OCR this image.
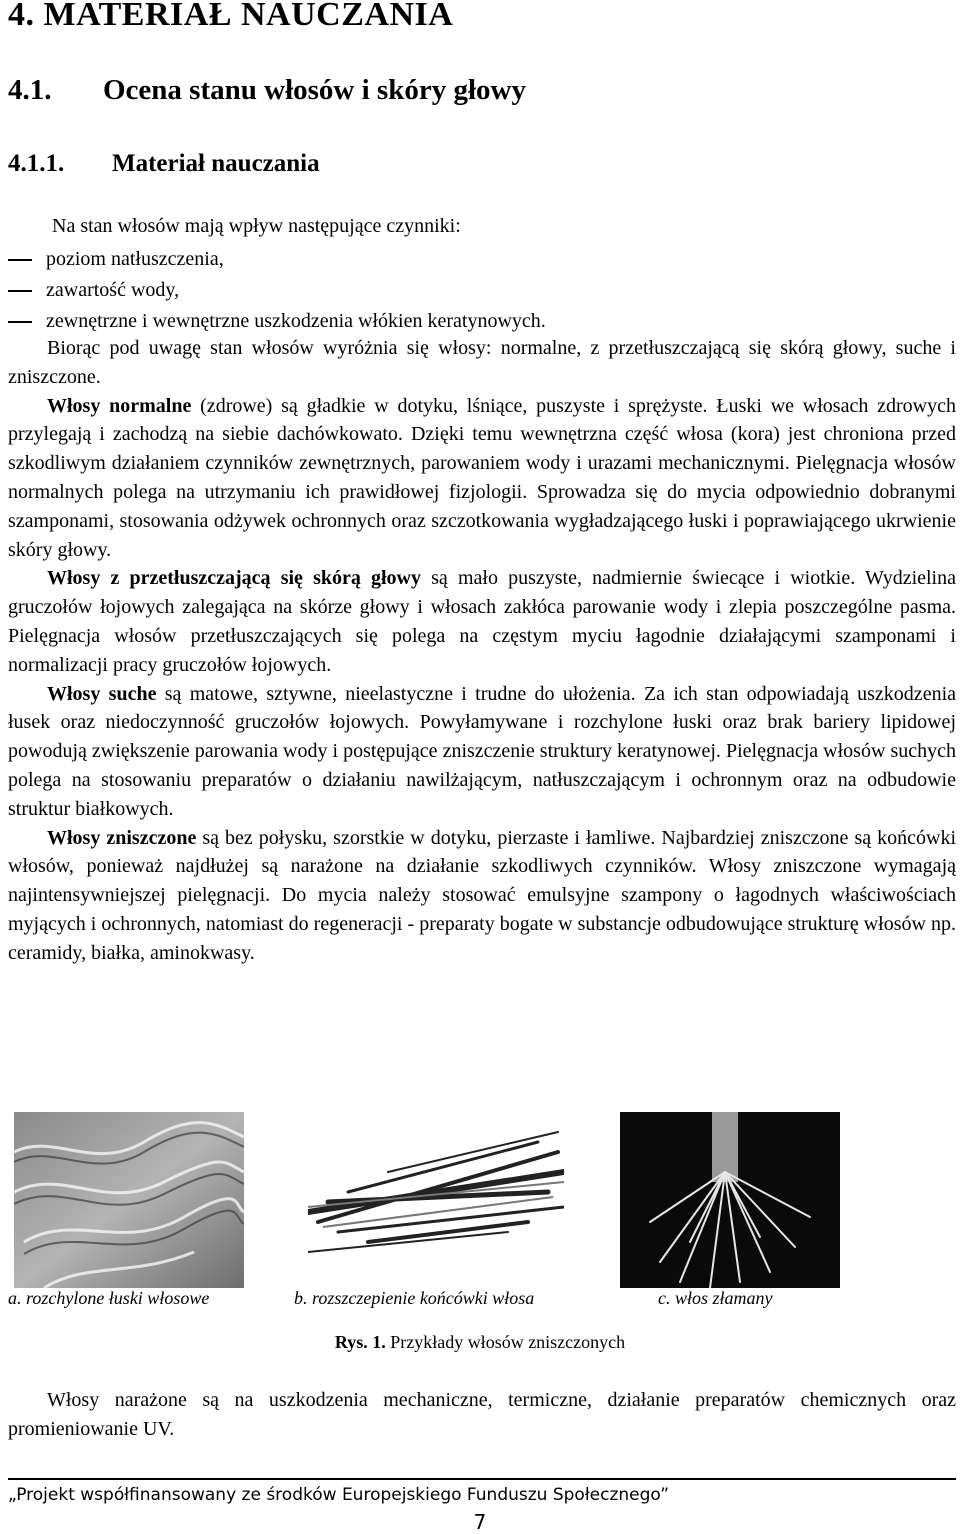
4. MATERIAŁ NAUCZANIA
4.1. Ocena stanu włosów i skóry głowy
4.1.1. Materiał nauczania
Na stan włosów mają wpływ następujące czynniki:
poziom natłuszczenia,
zawartość wody,
zewnętrzne i wewnętrzne uszkodzenia włókien keratynowych.

Biorąc pod uwagę stan włosów wyróżnia się włosy: normalne, z przetłuszczającą się skórą głowy, suche i zniszczone.

Włosy normalne (zdrowe) są gładkie w dotyku, lśniące, puszyste i sprężyste. Łuski we włosach zdrowych przylegają i zachodzą na siebie dachówkowato. Dzięki temu wewnętrzna część włosa (kora) jest chroniona przed szkodliwym działaniem czynników zewnętrznych, parowaniem wody i urazami mechanicznymi. Pielęgnacja włosów normalnych polega na utrzymaniu ich prawidłowej fizjologii. Sprowadza się do mycia odpowiednio dobranymi szamponami, stosowania odżywek ochronnych oraz szczotkowania wygładzającego łuski i poprawiającego ukrwienie skóry głowy.

Włosy z przetłuszczającą się skórą głowy są mało puszyste, nadmiernie świecące i wiotkie. Wydzielina gruczołów łojowych zalegająca na skórze głowy i włosach zakłóca parowanie wody i zlepia poszczególne pasma. Pielęgnacja włosów przetłuszczających się polega na częstym myciu łagodnie działającymi szamponami i normalizacji pracy gruczołów łojowych.

Włosy suche są matowe, sztywne, nieelastyczne i trudne do ułożenia. Za ich stan odpowiadają uszkodzenia łusek oraz niedoczynność gruczołów łojowych. Powyłamywane i rozchylone łuski oraz brak bariery lipidowej powodują zwiększenie parowania wody i postępujące zniszczenie struktury keratynowej. Pielęgnacja włosów suchych polega na stosowaniu preparatów o działaniu nawilżającym, natłuszczającym i ochronnym oraz na odbudowie struktur białkowych.

Włosy zniszczone są bez połysku, szorstkie w dotyku, pierzaste i łamliwe. Najbardziej zniszczone są końcówki włosów, ponieważ najdłużej są narażone na działanie szkodliwych czynników. Włosy zniszczone wymagają najintensywniejszej pielęgnacji. Do mycia należy stosować emulsyjne szampony o łagodnych właściwościach myjących i ochronnych, natomiast do regeneracji - preparaty bogate w substancje odbudowujące strukturę włosów np. ceramidy, białka, aminokwasy.

a. rozchylone łuski włosowe	b. rozszczepienie końcówki włosa	c. włos złamany
Rys. 1. Przykłady włosów zniszczonych

Włosy narażone są na uszkodzenia mechaniczne, termiczne, działanie preparatów chemicznych oraz promieniowanie UV.

„Projekt współfinansowany ze środków Europejskiego Funduszu Społecznego”
7
